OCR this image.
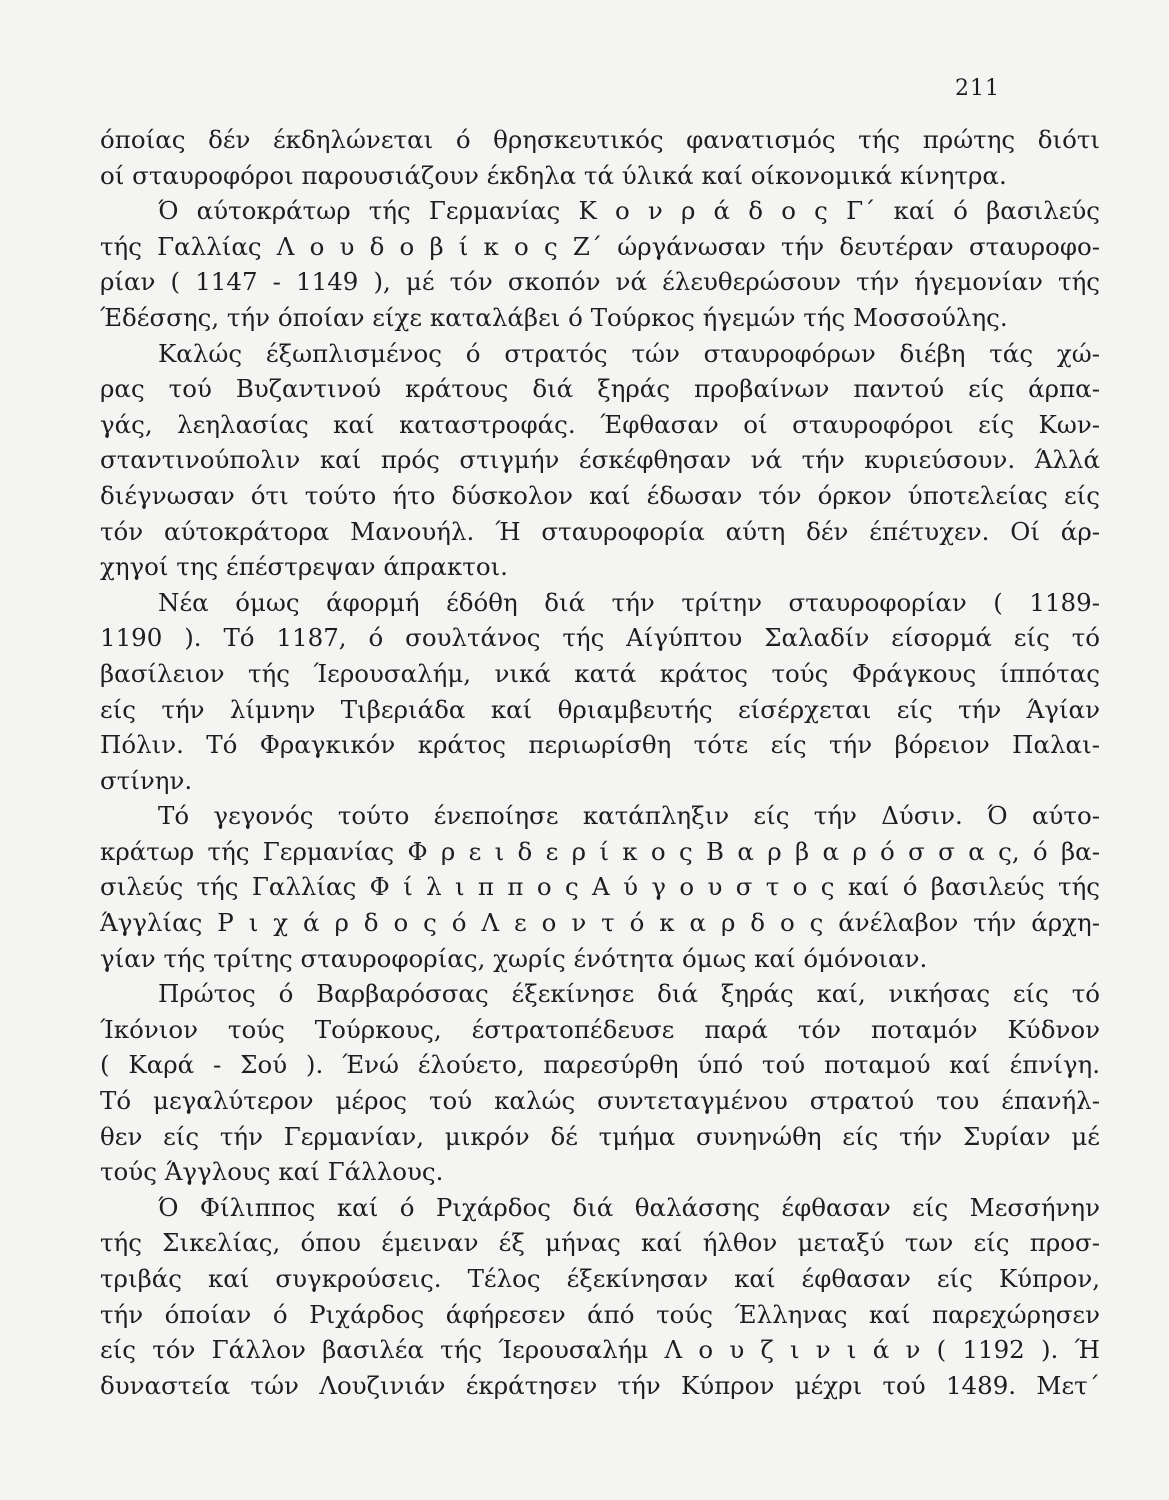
211
όποίας δέν έκδηλώνεται ό θρησκευτικός φανατισμός τής πρώτης διότι
οί σταυροφόροι παρουσιάζουν έκδηλα τά ύλικά καί οίκονομικά κίνητρα.
Ό αύτοκράτωρ τής Γερμανίας Κ ο ν ρ ά δ ο ς Γ΄ καί ό βασιλεύς
τής Γαλλίας Λ ο υ δ ο β ί κ ο ς Ζ΄ ώργάνωσαν τήν δευτέραν σταυροφο-
ρίαν ( 1147 - 1149 ), μέ τόν σκοπόν νά έλευθερώσουν τήν ήγεμονίαν τής
Έδέσσης, τήν όποίαν είχε καταλάβει ό Τούρκος ήγεμών τής Μοσσούλης.
Καλώς έξωπλισμένος ό στρατός τών σταυροφόρων διέβη τάς χώ-
ρας τού Βυζαντινού κράτους διά ξηράς προβαίνων παντού είς άρπα-
γάς, λεηλασίας καί καταστροφάς. Έφθασαν οί σταυροφόροι είς Κων-
σταντινούπολιν καί πρός στιγμήν έσκέφθησαν νά τήν κυριεύσουν. Άλλά
διέγνωσαν ότι τούτο ήτο δύσκολον καί έδωσαν τόν όρκον ύποτελείας είς
τόν αύτοκράτορα Μανουήλ. Ή σταυροφορία αύτη δέν έπέτυχεν. Οί άρ-
χηγοί της έπέστρεψαν άπρακτοι.
Νέα όμως άφορμή έδόθη διά τήν τρίτην σταυροφορίαν ( 1189-
1190 ). Τό 1187, ό σουλτάνος τής Αίγύπτου Σαλαδίν είσορμά είς τό
βασίλειον τής Ίερουσαλήμ, νικά κατά κράτος τούς Φράγκους ίππότας
είς τήν λίμνην Τιβεριάδα καί θριαμβευτής είσέρχεται είς τήν Άγίαν
Πόλιν. Τό Φραγκικόν κράτος περιωρίσθη τότε είς τήν βόρειον Παλαι-
στίνην.
Τό γεγονός τούτο ένεποίησε κατάπληξιν είς τήν Δύσιν. Ό αύτο-
κράτωρ τής Γερμανίας Φ ρ ε ι δ ε ρ ί κ ο ς Β α ρ β α ρ ό σ σ α ς, ό βα-
σιλεύς τής Γαλλίας Φ ί λ ι π π ο ς Α ύ γ ο υ σ τ ο ς καί ό βασιλεύς τής
Άγγλίας Ρ ι χ ά ρ δ ο ς ό Λ ε ο ν τ ό κ α ρ δ ο ς άνέλαβον τήν άρχη-
γίαν τής τρίτης σταυροφορίας, χωρίς ένότητα όμως καί όμόνοιαν.
Πρώτος ό Βαρβαρόσσας έξεκίνησε διά ξηράς καί, νικήσας είς τό
Ίκόνιον τούς Τούρκους, έστρατοπέδευσε παρά τόν ποταμόν Κύδνον
( Καρά - Σού ). Ένώ έλούετο, παρεσύρθη ύπό τού ποταμού καί έπνίγη.
Τό μεγαλύτερον μέρος τού καλώς συντεταγμένου στρατού του έπανήλ-
θεν είς τήν Γερμανίαν, μικρόν δέ τμήμα συνηνώθη είς τήν Συρίαν μέ
τούς Άγγλους καί Γάλλους.
Ό Φίλιππος καί ό Ριχάρδος διά θαλάσσης έφθασαν είς Μεσσήνην
τής Σικελίας, όπου έμειναν έξ μήνας καί ήλθον μεταξύ των είς προσ-
τριβάς καί συγκρούσεις. Τέλος έξεκίνησαν καί έφθασαν είς Κύπρον,
τήν όποίαν ό Ριχάρδος άφήρεσεν άπό τούς Έλληνας καί παρεχώρησεν
είς τόν Γάλλον βασιλέα τής Ίερουσαλήμ Λ ο υ ζ ι ν ι ά ν ( 1192 ). Ή
δυναστεία τών Λουζινιάν έκράτησεν τήν Κύπρον μέχρι τού 1489. Μετ΄
